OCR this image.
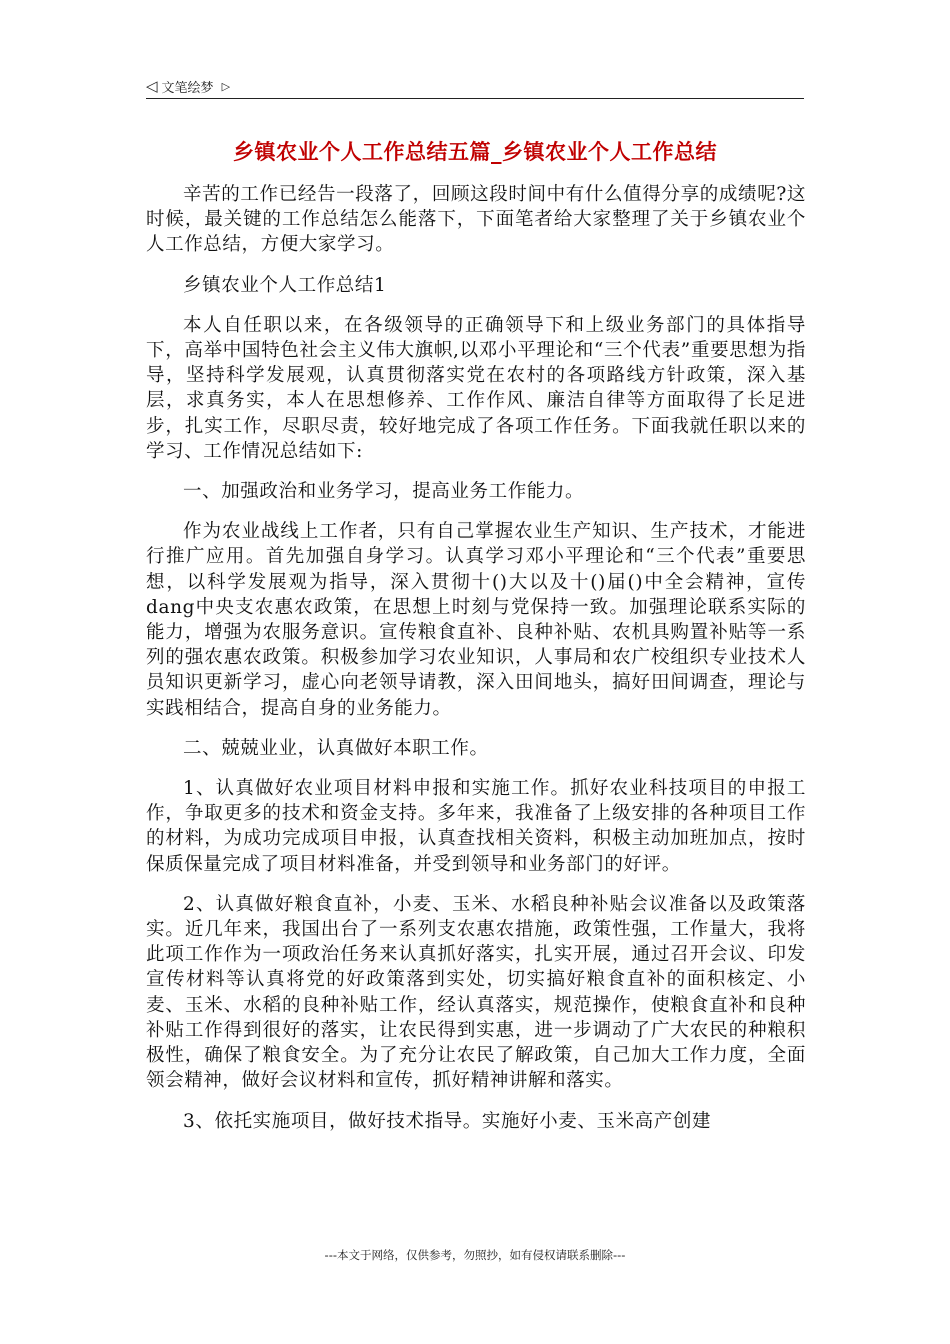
◁ 文笔绘梦 ▷
乡镇农业个人工作总结五篇_乡镇农业个人工作总结

辛苦的工作已经告一段落了，回顾这段时间中有什么值得分享的成绩呢?这时候，最关键的工作总结怎么能落下，下面笔者给大家整理了关于乡镇农业个人工作总结，方便大家学习。

乡镇农业个人工作总结1

本人自任职以来，在各级领导的正确领导下和上级业务部门的具体指导下，高举中国特色社会主义伟大旗帜,以邓小平理论和“三个代表”重要思想为指导，坚持科学发展观，认真贯彻落实党在农村的各项路线方针政策，深入基层，求真务实，本人在思想修养、工作作风、廉洁自律等方面取得了长足进步，扎实工作，尽职尽责，较好地完成了各项工作任务。下面我就任职以来的学习、工作情况总结如下:

一、加强政治和业务学习，提高业务工作能力。

作为农业战线上工作者，只有自己掌握农业生产知识、生产技术，才能进行推广应用。首先加强自身学习。认真学习邓小平理论和“三个代表”重要思想，以科学发展观为指导，深入贯彻十()大以及十()届()中全会精神，宣传dang中央支农惠农政策，在思想上时刻与党保持一致。加强理论联系实际的能力，增强为农服务意识。宣传粮食直补、良种补贴、农机具购置补贴等一系列的强农惠农政策。积极参加学习农业知识，人事局和农广校组织专业技术人员知识更新学习，虚心向老领导请教，深入田间地头，搞好田间调查，理论与实践相结合，提高自身的业务能力。

二、兢兢业业，认真做好本职工作。

1、认真做好农业项目材料申报和实施工作。抓好农业科技项目的申报工作，争取更多的技术和资金支持。多年来，我准备了上级安排的各种项目工作的材料，为成功完成项目申报，认真查找相关资料，积极主动加班加点，按时保质保量完成了项目材料准备，并受到领导和业务部门的好评。

2、认真做好粮食直补，小麦、玉米、水稻良种补贴会议准备以及政策落实。近几年来，我国出台了一系列支农惠农措施，政策性强，工作量大，我将此项工作作为一项政治任务来认真抓好落实，扎实开展，通过召开会议、印发宣传材料等认真将党的好政策落到实处，切实搞好粮食直补的面积核定、小麦、玉米、水稻的良种补贴工作，经认真落实，规范操作，使粮食直补和良种补贴工作得到很好的落实，让农民得到实惠，进一步调动了广大农民的种粮积极性，确保了粮食安全。为了充分让农民了解政策，自己加大工作力度，全面领会精神，做好会议材料和宣传，抓好精神讲解和落实。

3、依托实施项目，做好技术指导。实施好小麦、玉米高产创建

---本文于网络，仅供参考，勿照抄，如有侵权请联系删除---
